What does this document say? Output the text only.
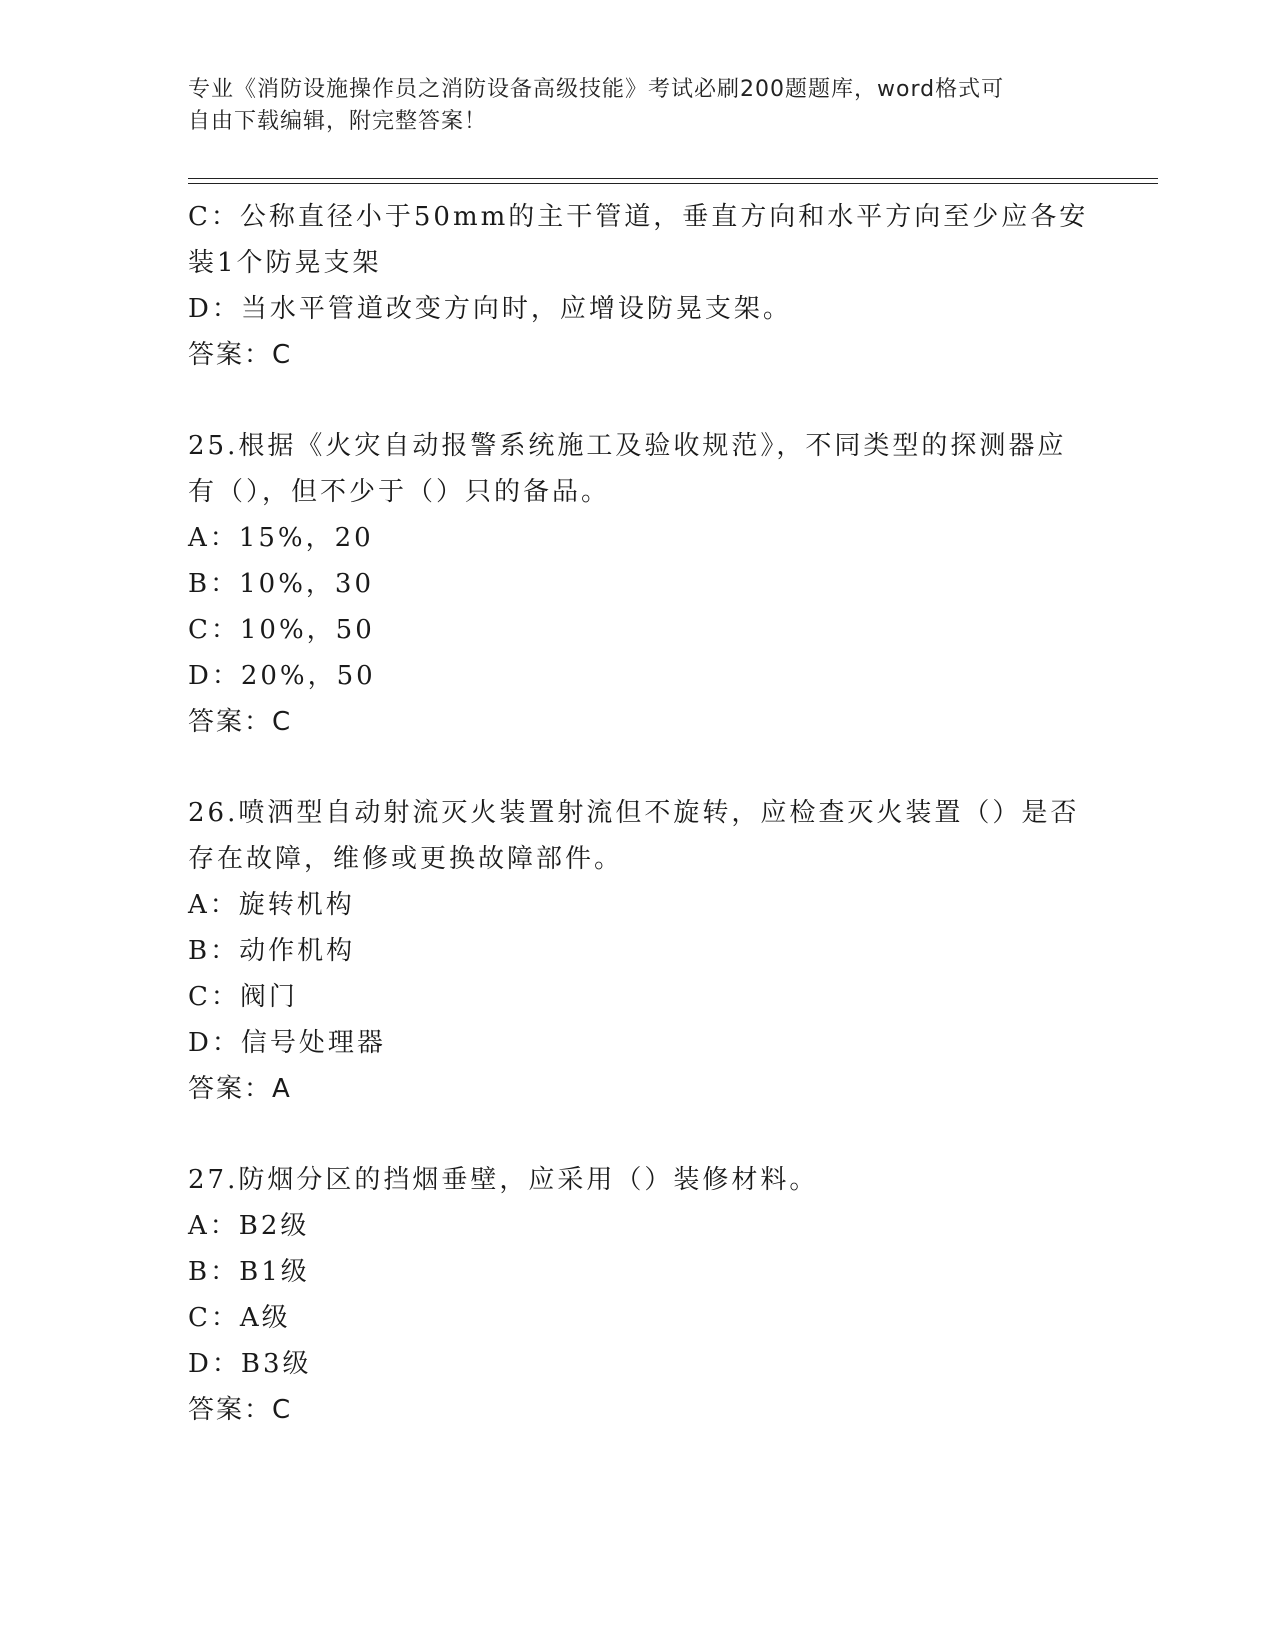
专业《消防设施操作员之消防设备高级技能》考试必刷200题题库，word格式可
自由下载编辑，附完整答案！
C：公称直径小于50mm的主干管道，垂直方向和水平方向至少应各安
装1个防晃支架
D：当水平管道改变方向时，应增设防晃支架。
答案：C
25.根据《火灾自动报警系统施工及验收规范》，不同类型的探测器应
有（），但不少于（）只的备品。
A：15%，20
B：10%，30
C：10%，50
D：20%，50
答案：C
26.喷洒型自动射流灭火装置射流但不旋转，应检查灭火装置（）是否
存在故障，维修或更换故障部件。
A：旋转机构
B：动作机构
C：阀门
D：信号处理器
答案：A
27.防烟分区的挡烟垂壁，应采用（）装修材料。
A：B2级
B：B1级
C：A级
D：B3级
答案：C
